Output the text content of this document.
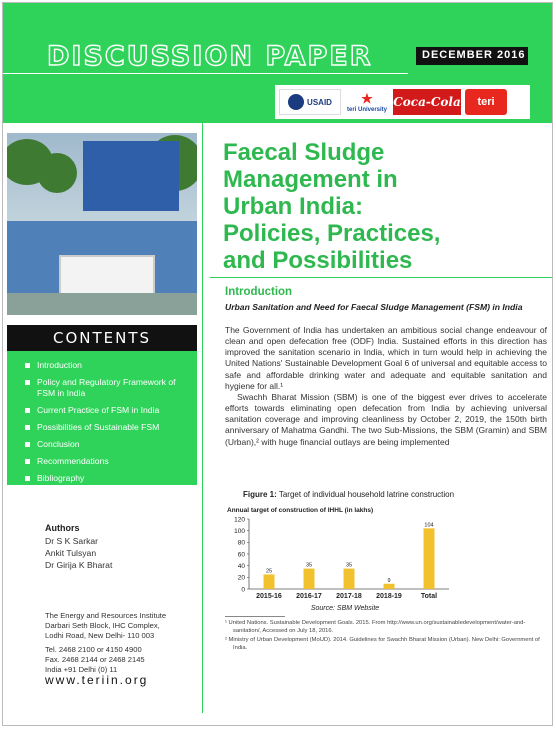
DISCUSSION PAPER	DECEMBER 2016
USAID ★
teri University
Coca-Cola	teri
CONTENTS
Introduction
Policy and Regulatory Framework of FSM in India
Current Practice of FSM in India
Possibilities of Sustainable FSM
Conclusion
Recommendations
Bibliography
Authors

Dr S K Sarkar

Ankit Tulsyan

Dr Girija K Bharat

The Energy and Resources Institute

Darbari Seth Block, IHC Complex,

Lodhi Road, New Delhi- 110 003

Tel. 2468 2100 or 4150 4900

Fax. 2468 2144 or 2468 2145

India +91 Delhi (0) 11

www.teriin.org
Faecal Sludge
Management in
Urban India:
Policies, Practices,
and Possibilities
Introduction
Urban Sanitation and Need for Faecal Sludge Management (FSM) in India

The Government of India has undertaken an ambitious social change endeavour of clean and open defecation free (ODF) India. Sustained efforts in this direction has improved the sanitation scenario in India, which in turn would help in achieving the United Nations' Sustainable Development Goal 6 of universal and equitable access to safe and affordable drinking water and adequate and equitable sanitation and hygiene for all.¹

Swachh Bharat Mission (SBM) is one of the biggest ever drives to accelerate efforts towards eliminating open defecation from India by achieving universal sanitation coverage and improving cleanliness by October 2, 2019, the 150th birth anniversary of Mahatma Gandhi. The two Sub-Missions, the SBM (Gramin) and SBM (Urban),² with huge financial outlays are being implemented

Figure 1: Target of individual household latrine construction
Annual target of construction of IHHL (in lakhs)
0
20
40
60
80
100
120
25
2015-16
35
2016-17
35
2017-18
9
2018-19
104
Total
Source: SBM Website

¹ United Nations. Sustainable Development Goals. 2015. From http://www.un.org/sustainabledevelopment/water-and-sanitation/, Accessed on July 18, 2016.

² Ministry of Urban Development (MoUD). 2014. Guidelines for Swachh Bharat Mission (Urban). New Delhi: Government of India.
